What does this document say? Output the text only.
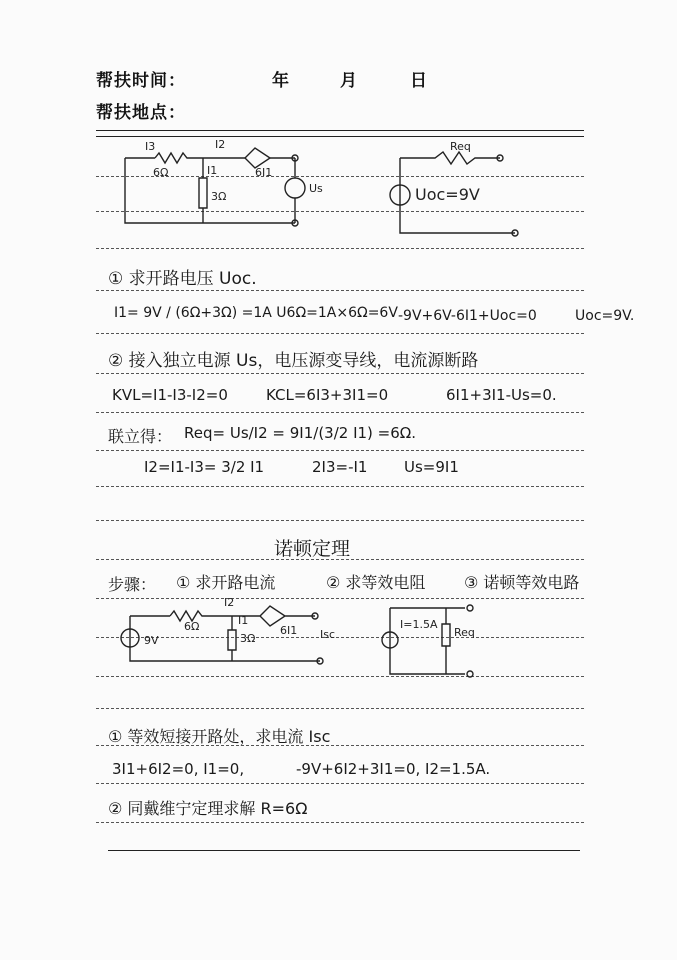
帮扶时间：	年	月	日
帮扶地点：
I3	I2
6Ω	I1
3Ω
6I1
Us
Req
Uoc=9V
① 求开路电压 Uoc.
I1= 9V / (6Ω+3Ω) =1A U6Ω=1A×6Ω=6V -9V+6V-6I1+Uoc=0	Uoc=9V.
② 接入独立电源 Us，电压源变导线，电流源断路
KVL=I1-I3-I2=0	KCL=6I3+3I1=0	6I1+3I1-Us=0.
联立得： Req= Us/I2 = 9I1/(3/2 I1) =6Ω.
I2=I1-I3= 3/2 I1	2I3=-I1 Us=9I1
诺顿定理
步骤： ① 求开路电流	② 求等效电阻 ③ 诺顿等效电路
6Ω
I2
I1
3Ω
6I1 Isc
9V
I=1.5A
Req
① 等效短接开路处，求电流 Isc
3I1+6I2=0, I1=0,	-9V+6I2+3I1=0, I2=1.5A.
② 同戴维宁定理求解 R=6Ω
